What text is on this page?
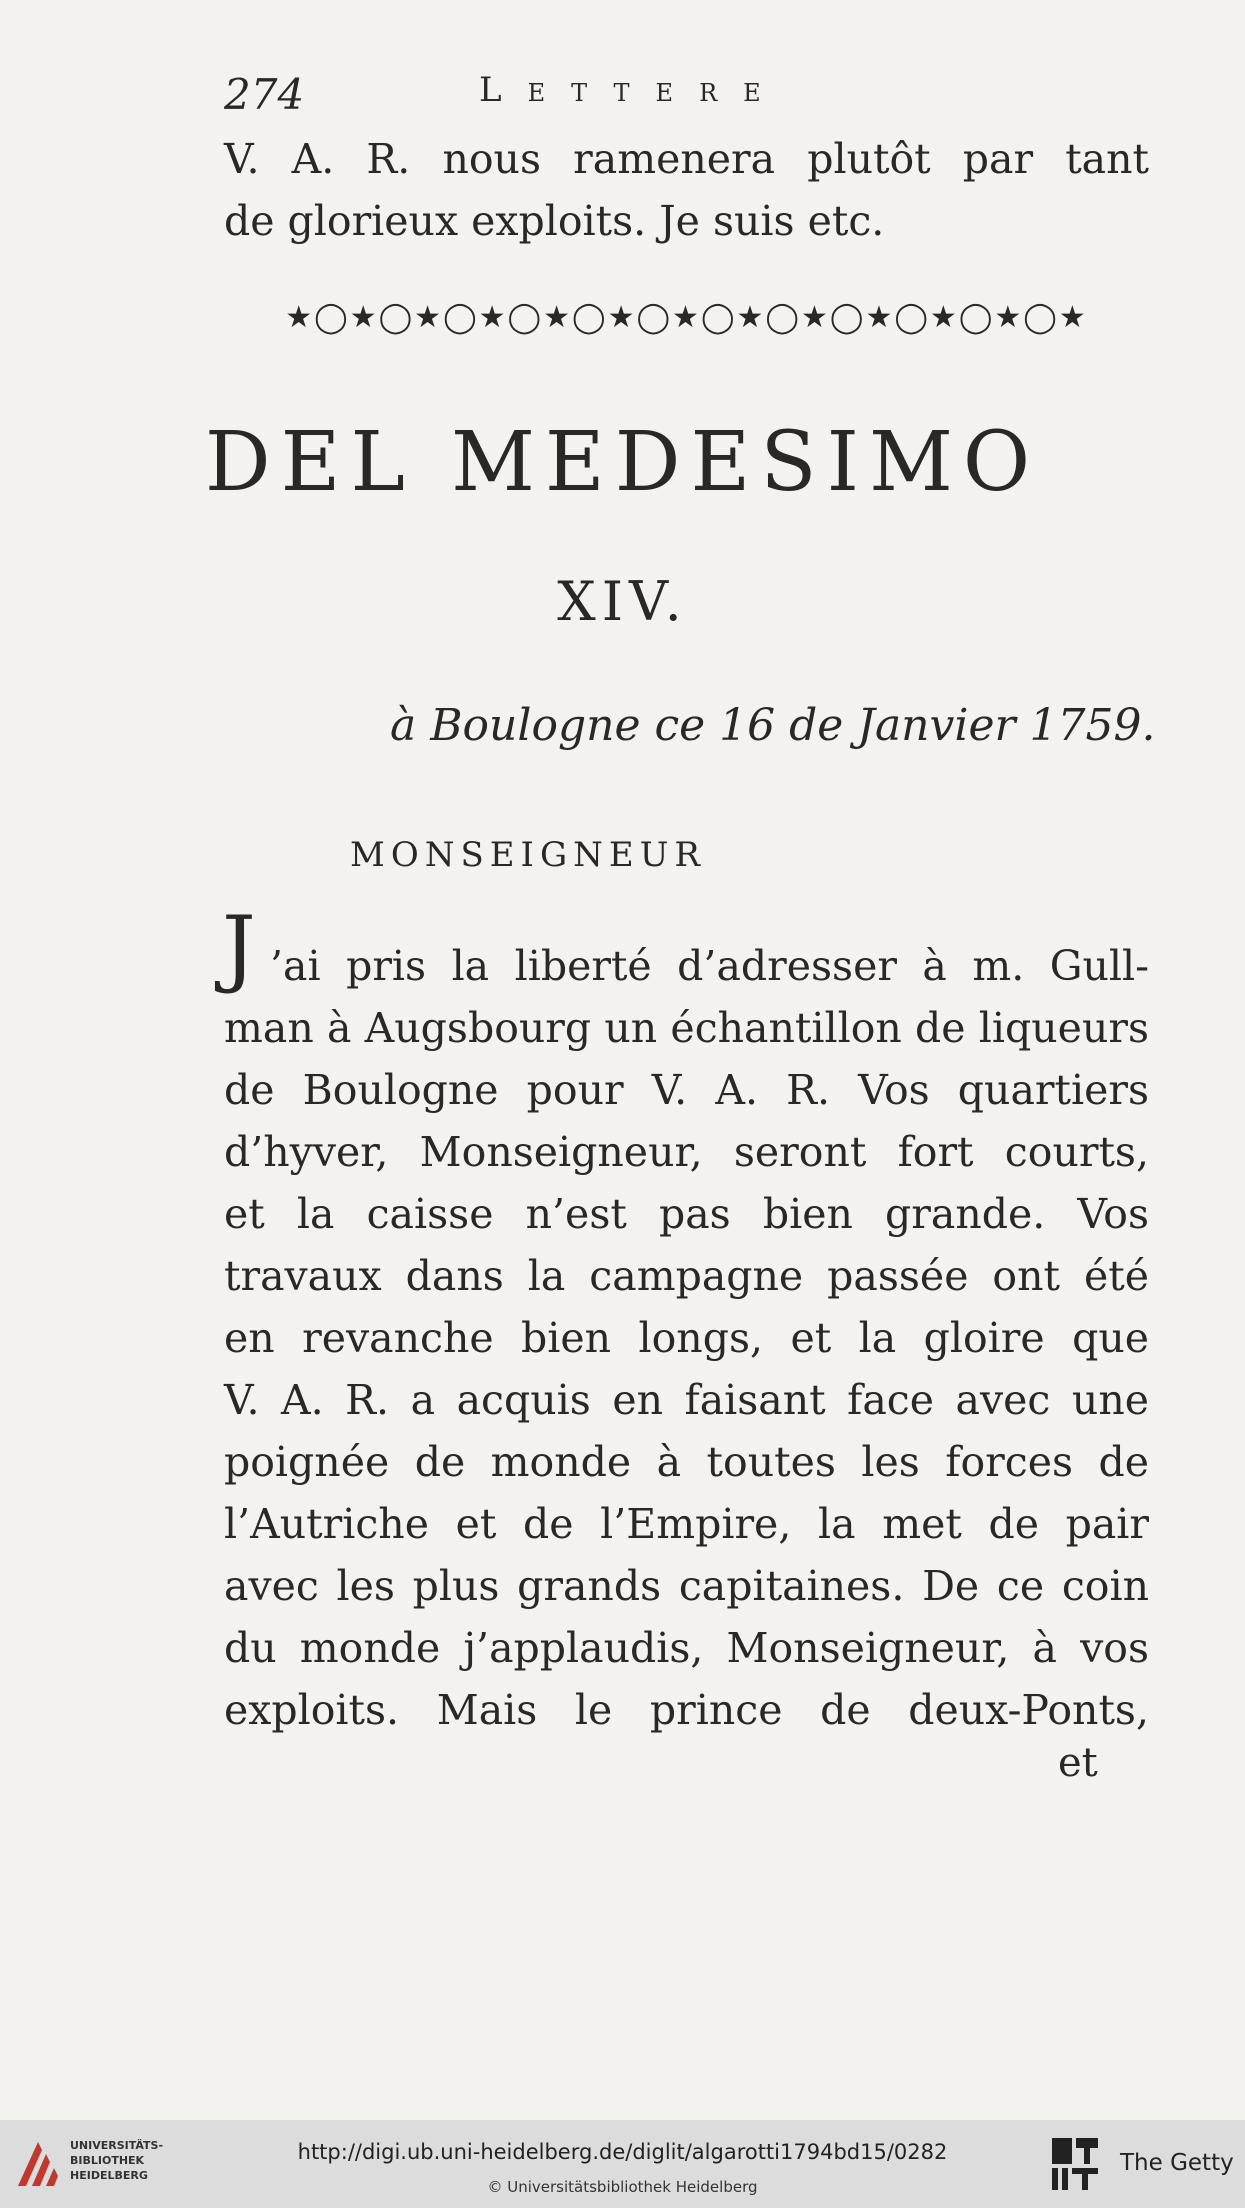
274	Lettere
V. A. R. nous ramenera plutôt par tant
de glorieux exploits. Je suis etc.
★◯★◯★◯★◯★◯★◯★◯★◯★◯★◯★◯★◯★
DEL MEDESIMO
XIV.
à Boulogne ce 16 de Janvier 1759.
MONSEIGNEUR
J ’ai pris la liberté d’adresser à m. Gull-
man à Augsbourg un échantillon de liqueurs
de Boulogne pour V. A. R. Vos quartiers
d’hyver, Monseigneur, seront fort courts,
et la caisse n’est pas bien grande. Vos
travaux dans la campagne passée ont été
en revanche bien longs, et la gloire que
V. A. R. a acquis en faisant face avec une
poignée de monde à toutes les forces de
l’Autriche et de l’Empire, la met de pair
avec les plus grands capitaines. De ce coin
du monde j’applaudis, Monseigneur, à vos
exploits. Mais le prince de deux-Ponts,
et
UNIVERSITÄTS-
BIBLIOTHEK
HEIDELBERG
http://digi.ub.uni-heidelberg.de/diglit/algarotti1794bd15/0282
© Universitätsbibliothek Heidelberg
The Getty
